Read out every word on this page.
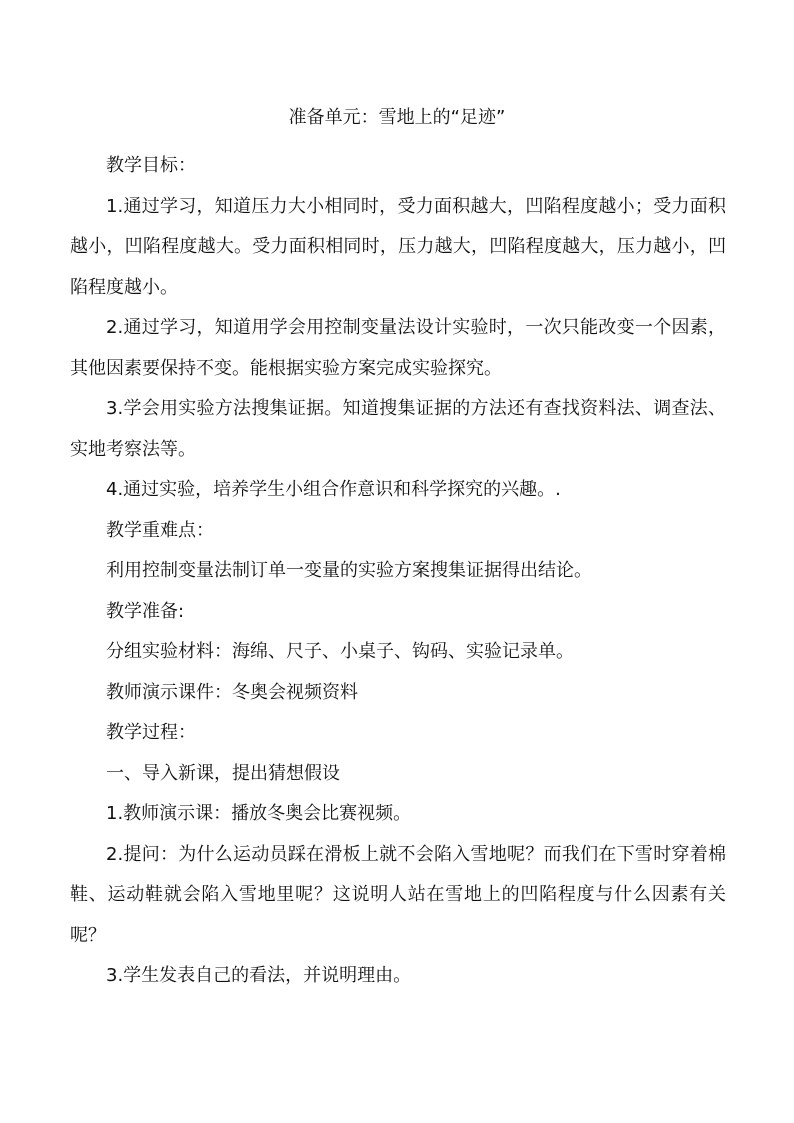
准备单元：雪地上的“足迹”

教学目标：

1.通过学习，知道压力大小相同时，受力面积越大，凹陷程度越小；受力面积越小，凹陷程度越大。受力面积相同时，压力越大，凹陷程度越大，压力越小，凹陷程度越小。

2.通过学习，知道用学会用控制变量法设计实验时，一次只能改变一个因素，其他因素要保持不变。能根据实验方案完成实验探究。

3.学会用实验方法搜集证据。知道搜集证据的方法还有查找资料法、调查法、实地考察法等。

4.通过实验，培养学生小组合作意识和科学探究的兴趣。.

教学重难点：

利用控制变量法制订单一变量的实验方案搜集证据得出结论。

教学准备:

分组实验材料：海绵、尺子、小桌子、钩码、实验记录单。

教师演示课件：冬奥会视频资料

教学过程：

一、导入新课，提出猜想假设

1.教师演示课：播放冬奥会比赛视频。

2.提问：为什么运动员踩在滑板上就不会陷入雪地呢？而我们在下雪时穿着棉鞋、运动鞋就会陷入雪地里呢？这说明人站在雪地上的凹陷程度与什么因素有关呢？

3.学生发表自己的看法，并说明理由。
